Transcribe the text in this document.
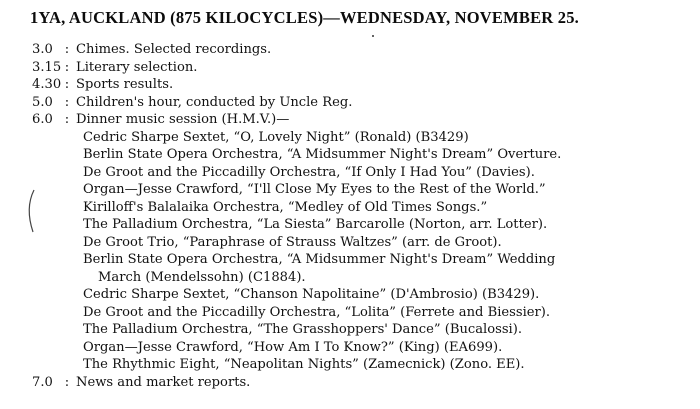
1YA, AUCKLAND (875 KILOCYCLES)—WEDNESDAY, NOVEMBER 25.
3.0 : Chimes. Selected recordings.
3.15 : Literary selection.
4.30 : Sports results.
5.0 : Children's hour, conducted by Uncle Reg.
6.0 : Dinner music session (H.M.V.)—
Cedric Sharpe Sextet, “O, Lovely Night” (Ronald) (B3429)
Berlin State Opera Orchestra, “A Midsummer Night's Dream” Overture.
De Groot and the Piccadilly Orchestra, “If Only I Had You” (Davies).
Organ—Jesse Crawford, “I'll Close My Eyes to the Rest of the World.”
Kirilloff's Balalaika Orchestra, “Medley of Old Times Songs.”
The Palladium Orchestra, “La Siesta” Barcarolle (Norton, arr. Lotter).
De Groot Trio, “Paraphrase of Strauss Waltzes” (arr. de Groot).
Berlin State Opera Orchestra, “A Midsummer Night's Dream” Wedding
March (Mendelssohn) (C1884).
Cedric Sharpe Sextet, “Chanson Napolitaine” (D'Ambrosio) (B3429).
De Groot and the Piccadilly Orchestra, “Lolita” (Ferrete and Biessier).
The Palladium Orchestra, “The Grasshoppers' Dance” (Bucalossi).
Organ—Jesse Crawford, “How Am I To Know?” (King) (EA699).
The Rhythmic Eight, “Neapolitan Nights” (Zamecnick) (Zono. EE).
7.0 : News and market reports.
